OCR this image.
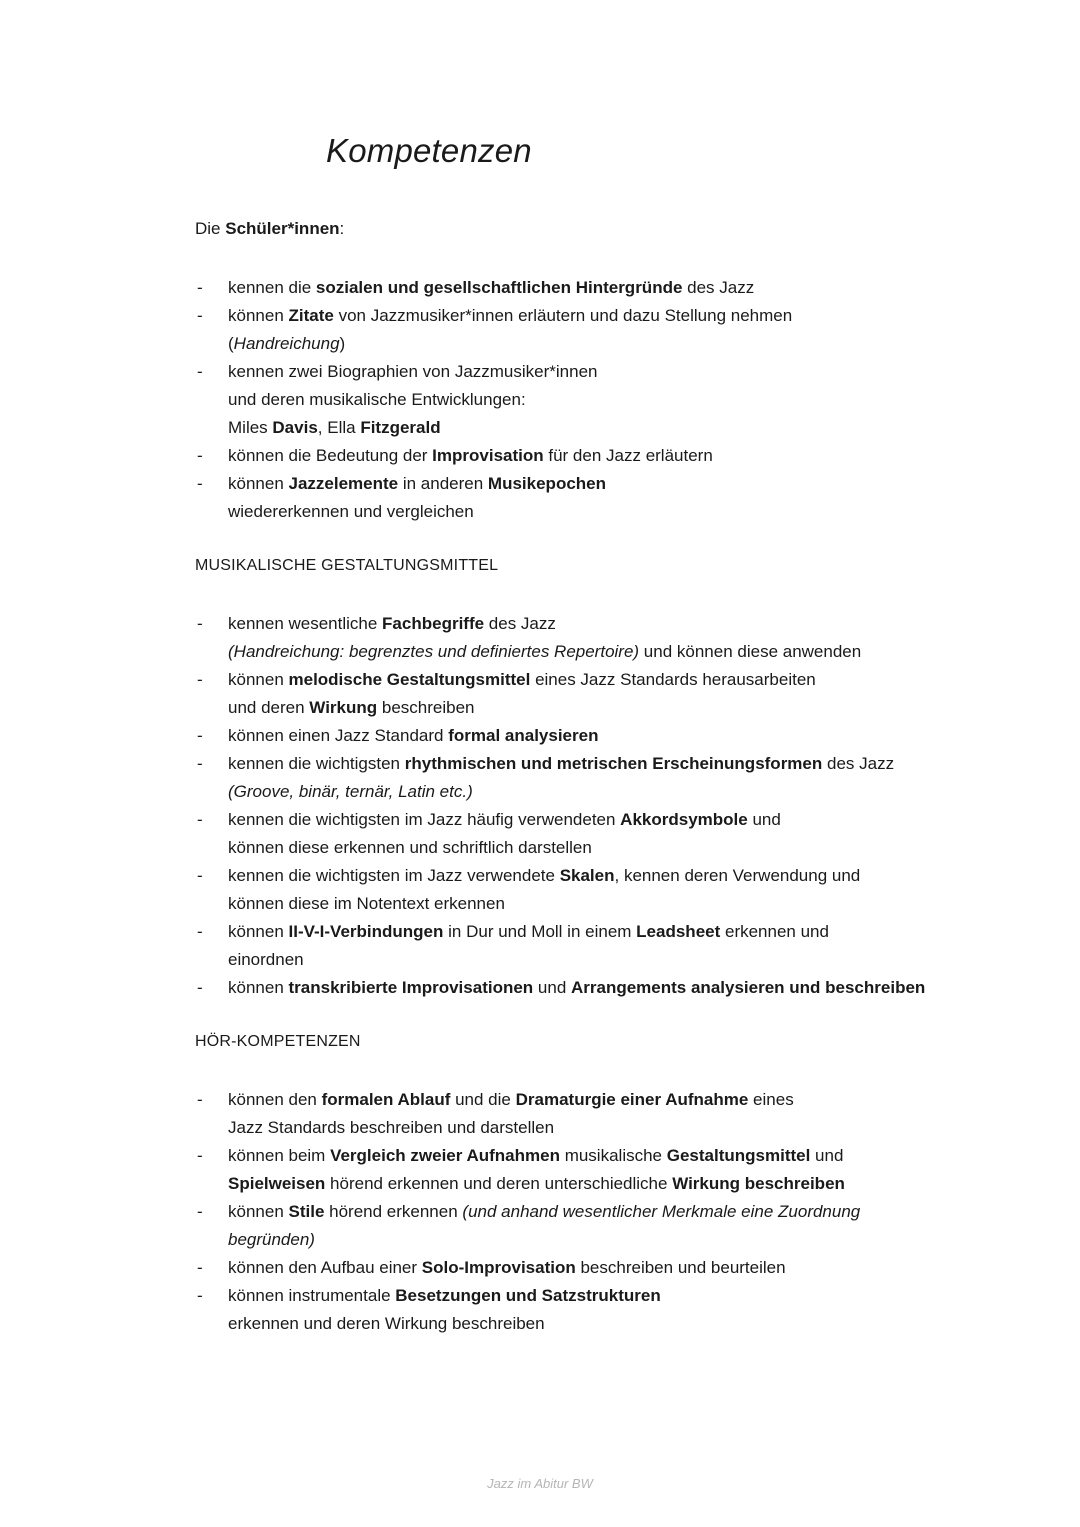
Kompetenzen
Die Schüler*innen:
- kennen die sozialen und gesellschaftlichen Hintergründe des Jazz
- können Zitate von Jazzmusiker*innen erläutern und dazu Stellung nehmen
(Handreichung)
- kennen zwei Biographien von Jazzmusiker*innen
und deren musikalische Entwicklungen:
Miles Davis, Ella Fitzgerald
- können die Bedeutung der Improvisation für den Jazz erläutern
- können Jazzelemente in anderen Musikepochen
wiedererkennen und vergleichen
MUSIKALISCHE GESTALTUNGSMITTEL
- kennen wesentliche Fachbegriffe des Jazz
(Handreichung: begrenztes und definiertes Repertoire) und können diese anwenden
- können melodische Gestaltungsmittel eines Jazz Standards herausarbeiten
und deren Wirkung beschreiben
- können einen Jazz Standard formal analysieren
- kennen die wichtigsten rhythmischen und metrischen Erscheinungsformen des Jazz
(Groove, binär, ternär, Latin etc.)
- kennen die wichtigsten im Jazz häufig verwendeten Akkordsymbole und
können diese erkennen und schriftlich darstellen
- kennen die wichtigsten im Jazz verwendete Skalen, kennen deren Verwendung und
können diese im Notentext erkennen
- können II-V-I-Verbindungen in Dur und Moll in einem Leadsheet erkennen und
einordnen
- können transkribierte Improvisationen und Arrangements analysieren und beschreiben
HÖR-KOMPETENZEN
- können den formalen Ablauf und die Dramaturgie einer Aufnahme eines
Jazz Standards beschreiben und darstellen
- können beim Vergleich zweier Aufnahmen musikalische Gestaltungsmittel und
Spielweisen hörend erkennen und deren unterschiedliche Wirkung beschreiben
- können Stile hörend erkennen (und anhand wesentlicher Merkmale eine Zuordnung
begründen)
- können den Aufbau einer Solo-Improvisation beschreiben und beurteilen
- können instrumentale Besetzungen und Satzstrukturen
erkennen und deren Wirkung beschreiben
Jazz im Abitur BW
